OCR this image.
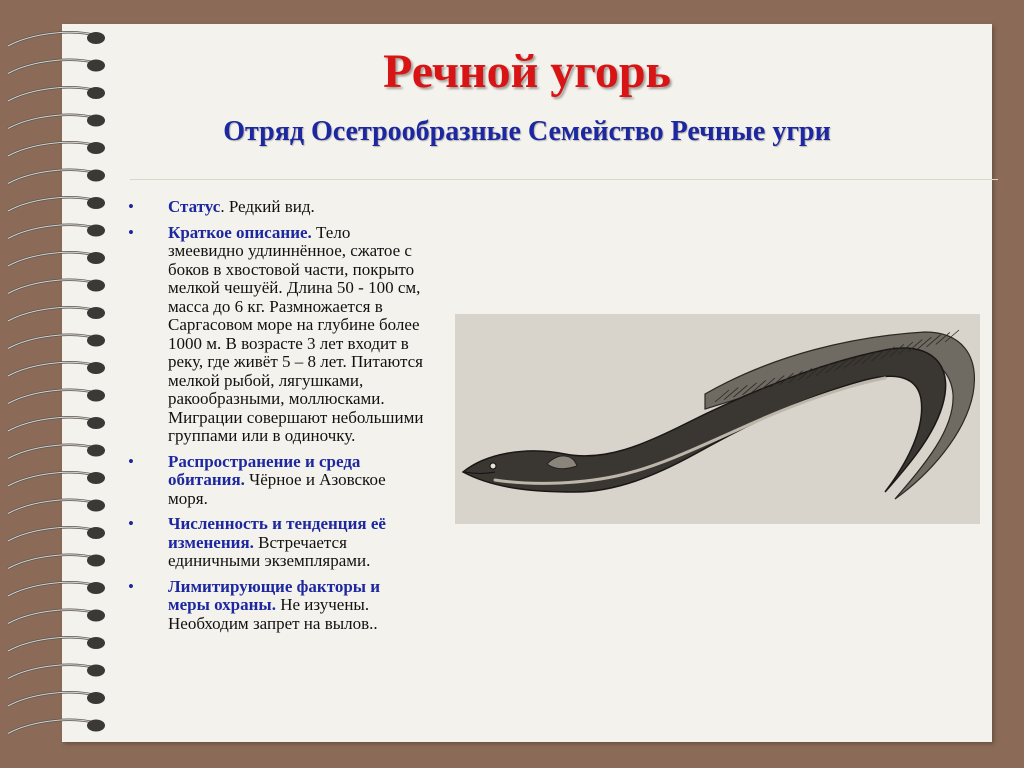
Речной угорь
Отряд Осетрообразные Семейство Речные угри
• Статус. Редкий вид.
• Краткое описание. Тело змеевидно удлиннённое, сжатое с боков в хвостовой части, покрыто мелкой чешуёй. Длина 50 - 100 см, масса до 6 кг. Размножается в Саргасовом море на глубине более 1000 м. В возрасте 3 лет входит в реку, где живёт 5 – 8 лет. Питаются мелкой рыбой, лягушками, ракообразными, моллюсками. Миграции совершают небольшими группами или в одиночку.
• Распространение и среда обитания. Чёрное и Азовское моря.
• Численность и тенденция её изменения. Встречается единичными экземплярами.
• Лимитирующие факторы и меры охраны. Не изучены. Необходим запрет на вылов..
